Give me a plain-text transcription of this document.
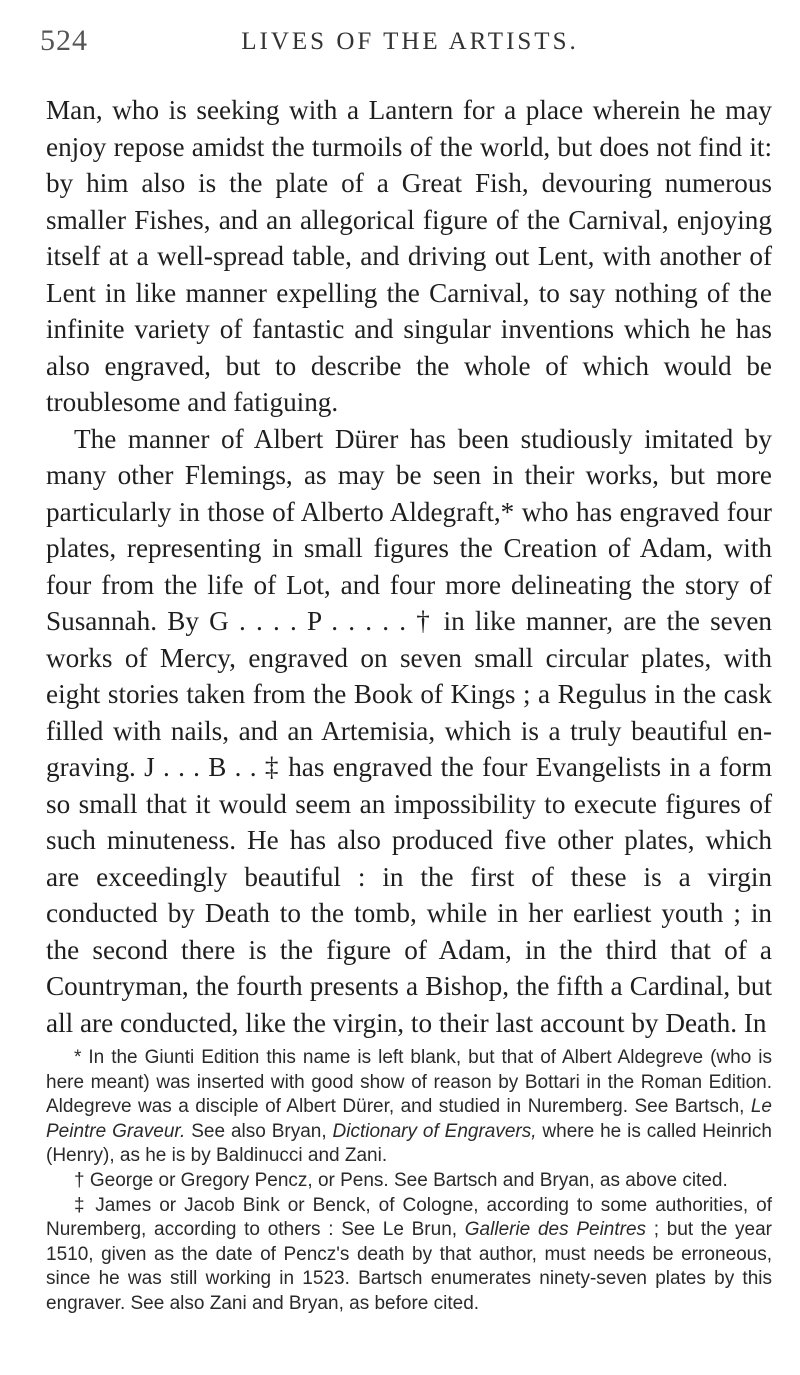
524	LIVES OF THE ARTISTS.

Man, who is seeking with a Lantern for a place wherein he may enjoy repose amidst the turmoils of the world, but does not find it: by him also is the plate of a Great Fish, devouring numerous smaller Fishes, and an allegorical figure of the Carnival, enjoying itself at a well-spread table, and driving out Lent, with another of Lent in like manner expelling the Carnival, to say nothing of the infinite variety of fantastic and singular inventions which he has also engraved, but to describe the whole of which would be troublesome and fatiguing.

The manner of Albert Dürer has been studiously imitated by many other Flemings, as may be seen in their works, but more particularly in those of Alberto Aldegraft,* who has engraved four plates, representing in small figures the Creation of Adam, with four from the life of Lot, and four more delineating the story of Susannah. By G . . . . P . . . . . † in like manner, are the seven works of Mercy, engraved on seven small circular plates, with eight stories taken from the Book of Kings ; a Regulus in the cask filled with nails, and an Artemisia, which is a truly beautiful engraving. J . . . B . . ‡ has engraved the four Evangelists in a form so small that it would seem an impossibility to execute figures of such minuteness. He has also produced five other plates, which are exceedingly beautiful : in the first of these is a virgin conducted by Death to the tomb, while in her earliest youth ; in the second there is the figure of Adam, in the third that of a Countryman, the fourth presents a Bishop, the fifth a Cardinal, but all are conducted, like the virgin, to their last account by Death. In

* In the Giunti Edition this name is left blank, but that of Albert Aldegreve (who is here meant) was inserted with good show of reason by Bottari in the Roman Edition. Aldegreve was a disciple of Albert Dürer, and studied in Nuremberg. See Bartsch, Le Peintre Graveur. See also Bryan, Dictionary of Engravers, where he is called Heinrich (Henry), as he is by Baldinucci and Zani.

† George or Gregory Pencz, or Pens. See Bartsch and Bryan, as above cited.

‡ James or Jacob Bink or Benck, of Cologne, according to some authorities, of Nuremberg, according to others : See Le Brun, Gallerie des Peintres ; but the year 1510, given as the date of Pencz's death by that author, must needs be erroneous, since he was still working in 1523. Bartsch enumerates ninety-seven plates by this engraver. See also Zani and Bryan, as before cited.
